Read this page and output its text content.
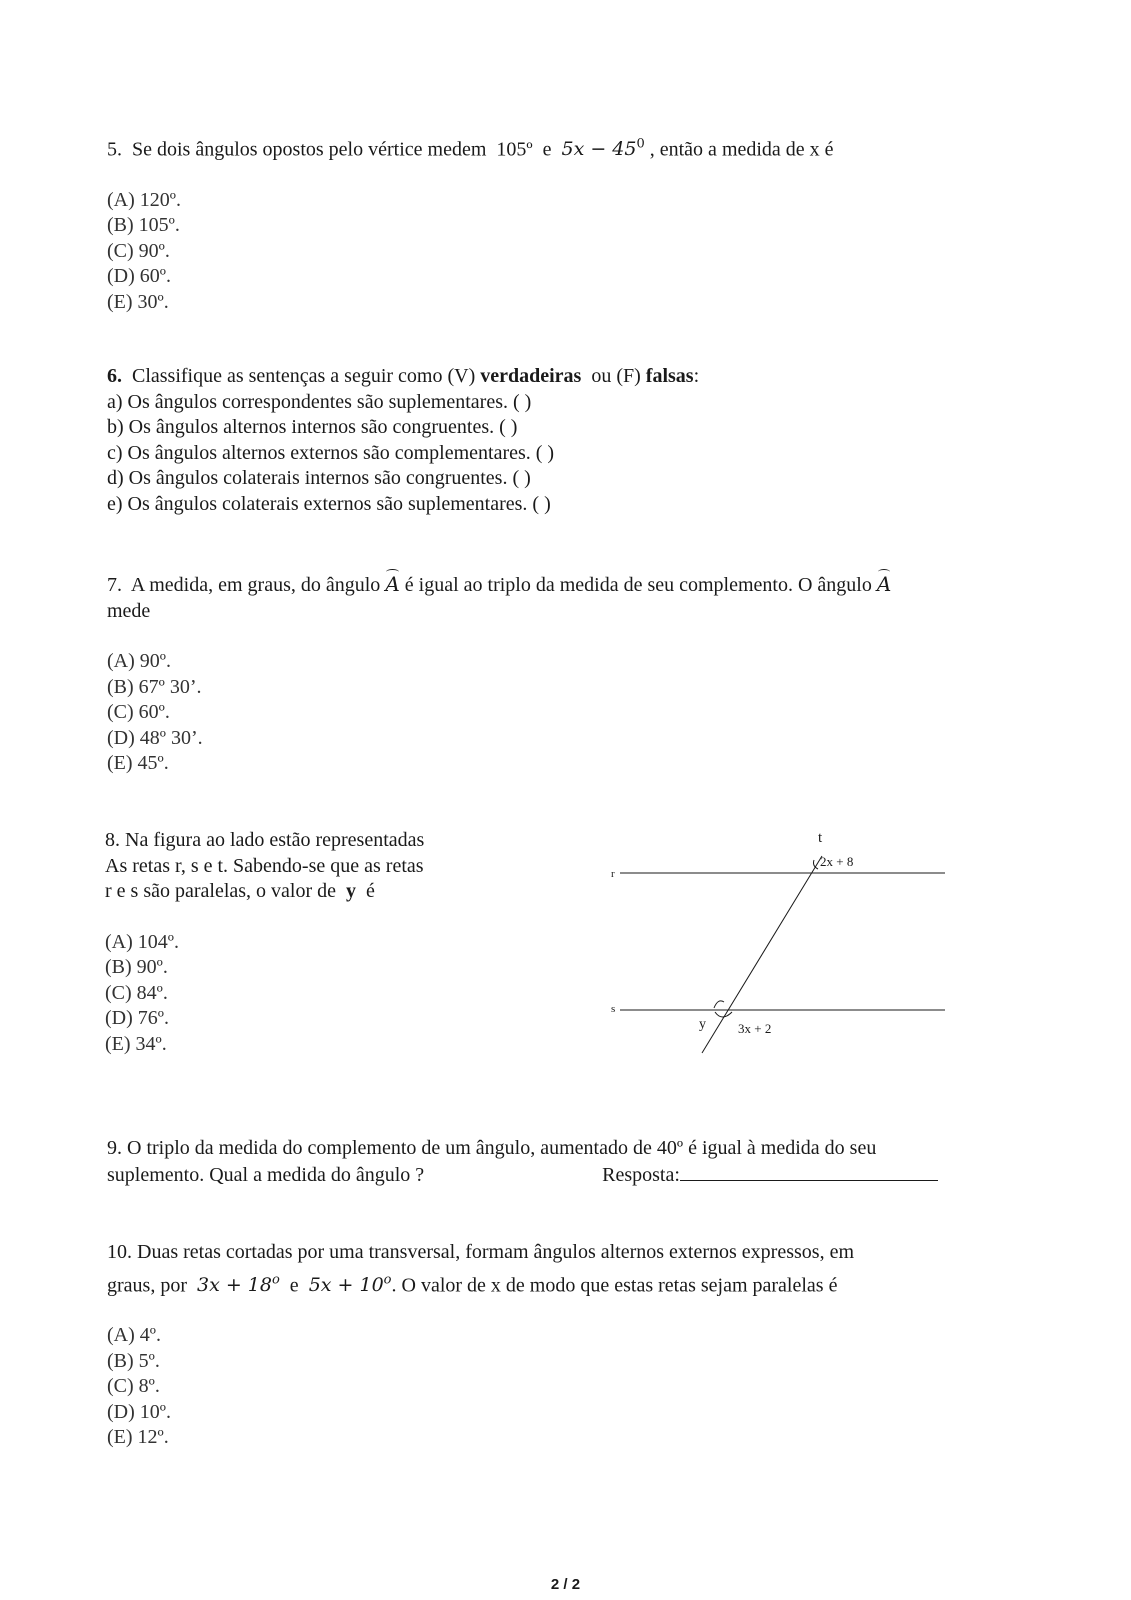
5. Se dois ângulos opostos pelo vértice medem 105º e $5x - 45^0$ , então a medida de x é

(A) 120º.

(B) 105º.

(C) 90º.

(D) 60º.

(E) 30º.

6. Classifique as sentenças a seguir como (V) verdadeiras ou (F) falsas:

a) Os ângulos correspondentes são suplementares. ( )

b) Os ângulos alternos internos são congruentes. ( )

c) Os ângulos alternos externos são complementares. ( )

d) Os ângulos colaterais internos são congruentes. ( )

e) Os ângulos colaterais externos são suplementares. ( )

7. A medida, em graus, do ângulo A é igual ao triplo da medida de seu complemento. O ângulo A

mede

(A) 90º.

(B) 67º 30’.

(C) 60º.

(D) 48º 30’.

(E) 45º.

8. Na figura ao lado estão representadas

As retas r, s e t. Sabendo-se que as retas

r e s são paralelas, o valor de y é

(A) 104º.

(B) 90º.

(C) 84º.

(D) 76º.

(E) 34º.

t
r
s
y
2x + 8
3x + 2

9. O triplo da medida do complemento de um ângulo, aumentado de 40º é igual à medida do seu

suplemento. Qual a medida do ângulo ?	Resposta:

10. Duas retas cortadas por uma transversal, formam ângulos alternos externos expressos, em

graus, por $3x + 18^o$ e $5x + 10^o$. O valor de x de modo que estas retas sejam paralelas é

(A) 4º.

(B) 5º.

(C) 8º.

(D) 10º.

(E) 12º.

2 / 2
